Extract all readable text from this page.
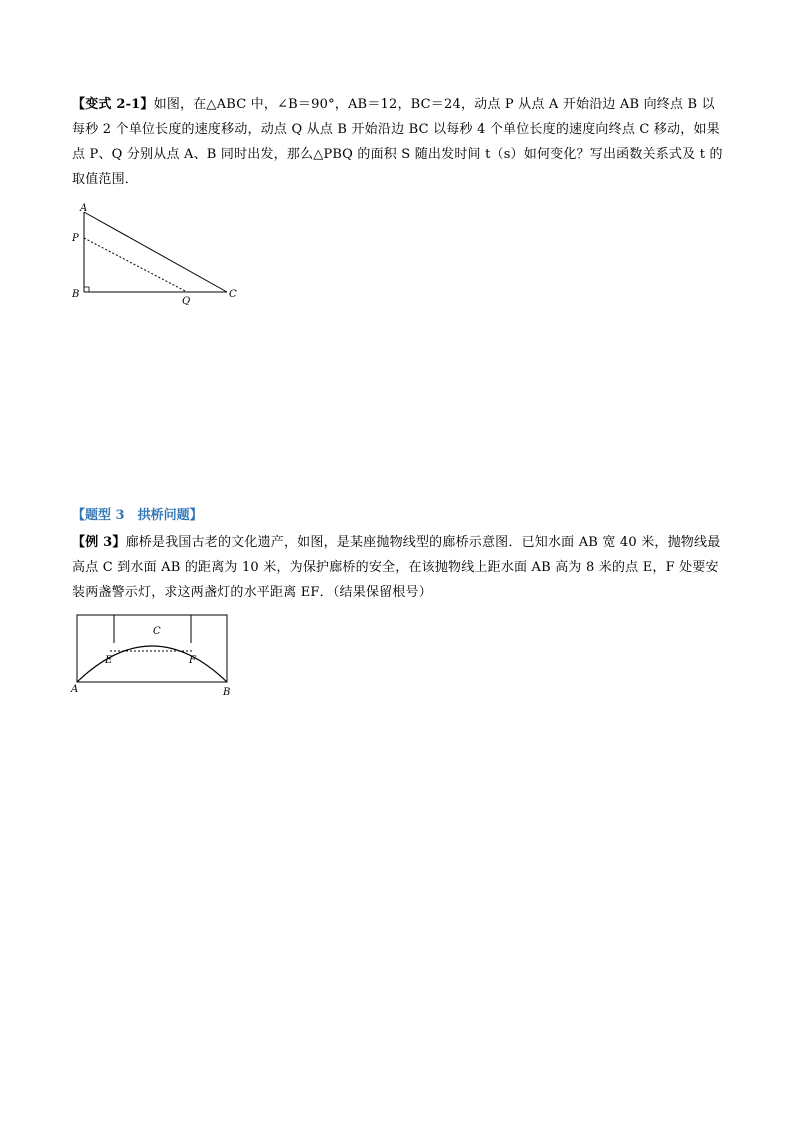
【变式 2-1】如图，在△ABC 中，∠B＝90°，AB＝12，BC＝24，动点 P 从点 A 开始沿边 AB 向终点 B 以每秒 2 个单位长度的速度移动，动点 Q 从点 B 开始沿边 BC 以每秒 4 个单位长度的速度向终点 C 移动，如果点 P、Q 分别从点 A、B 同时出发，那么△PBQ 的面积 S 随出发时间 t（s）如何变化？写出函数关系式及 t 的取值范围．
A
P
B
Q
C
【题型 3　拱桥问题】
【例 3】廊桥是我国古老的文化遗产，如图，是某座抛物线型的廊桥示意图．已知水面 AB 宽 40 米，抛物线最高点 C 到水面 AB 的距离为 10 米，为保护廊桥的安全，在该抛物线上距水面 AB 高为 8 米的点 E，F 处要安装两盏警示灯，求这两盏灯的水平距离 EF．（结果保留根号）
C
E	F
A	B
